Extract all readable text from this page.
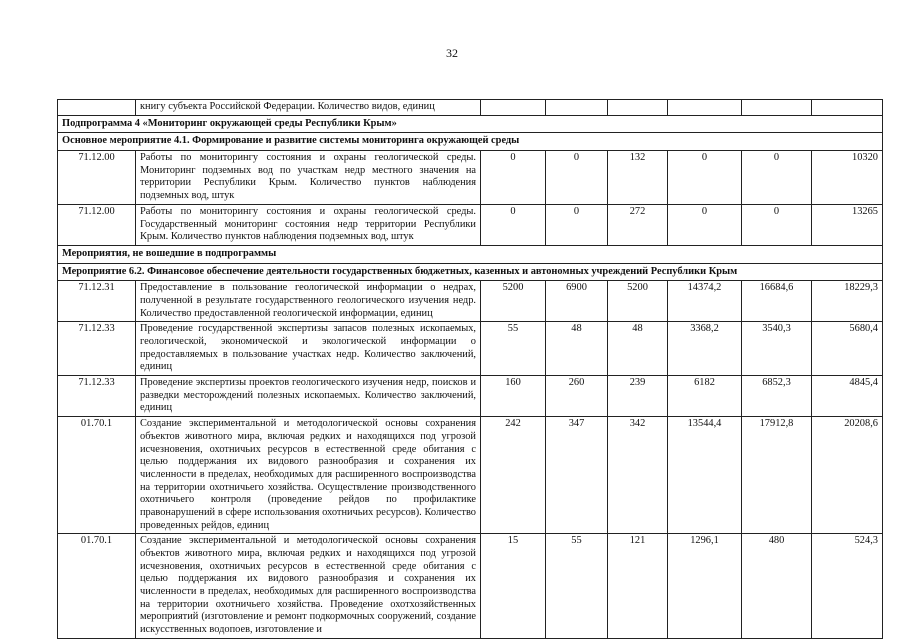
32
	книгу субъекта Российской Федерации. Количество видов, единиц						
Подпрограмма 4 «Мониторинг окружающей среды Республики Крым»							
Основное мероприятие 4.1. Формирование и развитие системы мониторинга окружающей среды							
71.12.00	Работы по мониторингу состояния и охраны геологической среды. Мониторинг подземных вод по участкам недр местного значения на территории Республики Крым. Количество пунктов наблюдения подземных вод, штук	0	0	132	0	0	10320
71.12.00	Работы по мониторингу состояния и охраны геологической среды. Государственный мониторинг состояния недр территории Республики Крым. Количество пунктов наблюдения подземных вод, штук	0	0	272	0	0	13265
Мероприятия, не вошедшие в подпрограммы							
Мероприятие 6.2. Финансовое обеспечение деятельности государственных бюджетных, казенных и автономных учреждений Республики Крым							
71.12.31	Предоставление в пользование геологической информации о недрах, полученной в результате государственного геологического изучения недр. Количество предоставленной геологической информации, единиц	5200	6900	5200	14374,2	16684,6	18229,3
71.12.33	Проведение государственной экспертизы запасов полезных ископаемых, геологической, экономической и экологической информации о предоставляемых в пользование участках недр. Количество заключений, единиц	55	48	48	3368,2	3540,3	5680,4
71.12.33	Проведение экспертизы проектов геологического изучения недр, поисков и разведки месторождений полезных ископаемых. Количество заключений, единиц	160	260	239	6182	6852,3	4845,4
01.70.1	Создание экспериментальной и методологической основы сохранения объектов животного мира, включая редких и находящихся под угрозой исчезновения, охотничьих ресурсов в естественной среде обитания с целью поддержания их видового разнообразия и сохранения их численности в пределах, необходимых для расширенного воспроизводства на территории охотничьего хозяйства. Осуществление производственного охотничьего контроля (проведение рейдов по профилактике правонарушений в сфере использования охотничьих ресурсов). Количество проведенных рейдов, единиц	242	347	342	13544,4	17912,8	20208,6
01.70.1	Создание экспериментальной и методологической основы сохранения объектов животного мира, включая редких и находящихся под угрозой исчезновения, охотничьих ресурсов в естественной среде обитания с целью поддержания их видового разнообразия и сохранения их численности в пределах, необходимых для расширенного воспроизводства на территории охотничьего хозяйства. Проведение охотхозяйственных мероприятий (изготовление и ремонт подкормочных сооружений, создание искусственных водопоев, изготовление и	15	55	121	1296,1	480	524,3
